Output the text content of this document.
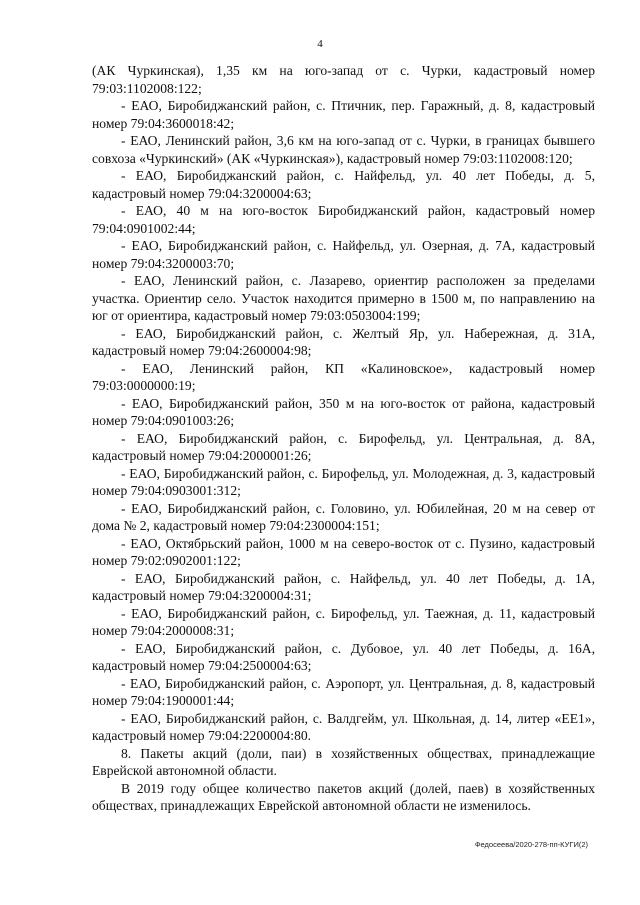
4

(АК Чуркинская), 1,35 км на юго-запад от с. Чурки, кадастровый номер 79:03:1102008:122;

- ЕАО, Биробиджанский район, с. Птичник, пер. Гаражный, д. 8, кадастровый номер 79:04:3600018:42;

- ЕАО, Ленинский район, 3,6 км на юго-запад от с. Чурки, в границах бывшего совхоза «Чуркинский» (АК «Чуркинская»), кадастровый номер 79:03:1102008:120;

- ЕАО, Биробиджанский район, с. Найфельд, ул. 40 лет Победы, д. 5, кадастровый номер 79:04:3200004:63;

- ЕАО, 40 м на юго-восток Биробиджанский район, кадастровый номер 79:04:0901002:44;

- ЕАО, Биробиджанский район, с. Найфельд, ул. Озерная, д. 7А, кадастровый номер 79:04:3200003:70;

- ЕАО, Ленинский район, с. Лазарево, ориентир расположен за пределами участка. Ориентир село. Участок находится примерно в 1500 м, по направлению на юг от ориентира, кадастровый номер 79:03:0503004:199;

- ЕАО, Биробиджанский район, с. Желтый Яр, ул. Набережная, д. 31А, кадастровый номер 79:04:2600004:98;

- ЕАО, Ленинский район, КП «Калиновское», кадастровый номер 79:03:0000000:19;

- ЕАО, Биробиджанский район, 350 м на юго-восток от района, кадастровый номер 79:04:0901003:26;

- ЕАО, Биробиджанский район, с. Бирофельд, ул. Центральная, д. 8А, кадастровый номер 79:04:2000001:26;

- ЕАО, Биробиджанский район, с. Бирофельд, ул. Молодежная, д. 3, кадастровый номер 79:04:0903001:312;

- ЕАО, Биробиджанский район, с. Головино, ул. Юбилейная, 20 м на север от дома № 2, кадастровый номер 79:04:2300004:151;

- ЕАО, Октябрьский район, 1000 м на северо-восток от с. Пузино, кадастровый номер 79:02:0902001:122;

- ЕАО, Биробиджанский район, с. Найфельд, ул. 40 лет Победы, д. 1А, кадастровый номер 79:04:3200004:31;

- ЕАО, Биробиджанский район, с. Бирофельд, ул. Таежная, д. 11, кадастровый номер 79:04:2000008:31;

- ЕАО, Биробиджанский район, с. Дубовое, ул. 40 лет Победы, д. 16А, кадастровый номер 79:04:2500004:63;

- ЕАО, Биробиджанский район, с. Аэропорт, ул. Центральная, д. 8, кадастровый номер 79:04:1900001:44;

- ЕАО, Биробиджанский район, с. Валдгейм, ул. Школьная, д. 14, литер «ЕЕ1», кадастровый номер 79:04:2200004:80.

8. Пакеты акций (доли, паи) в хозяйственных обществах, принадлежащие Еврейской автономной области.

В 2019 году общее количество пакетов акций (долей, паев) в хозяйственных обществах, принадлежащих Еврейской автономной области не изменилось.

Федосеева/2020-278-пп-КУГИ(2)
